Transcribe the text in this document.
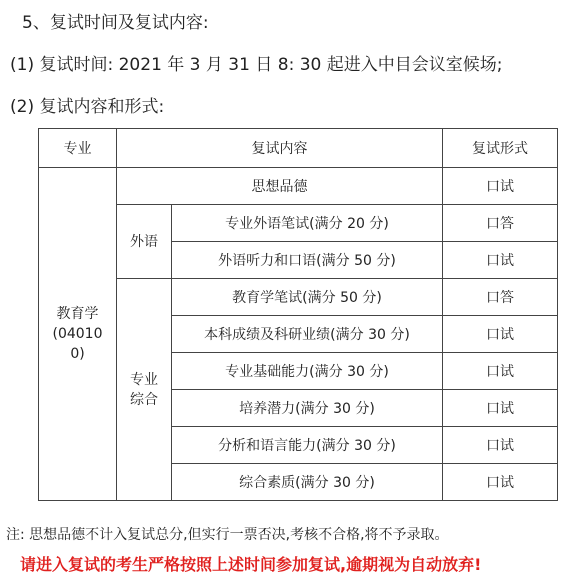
5、复试时间及复试内容:
(1) 复试时间: 2021 年 3 月 31 日 8: 30 起进入中目会议室候场;
(2) 复试内容和形式:
专业	复试内容		复试形式
教育学
(04010
0)	思想品德		口试
	外语	专业外语笔试(满分 20 分)	口答
		外语听力和口语(满分 50 分)	口试
	专业
综合	教育学笔试(满分 50 分)	口答
		本科成绩及科研业绩(满分 30 分)	口试
		专业基础能力(满分 30 分)	口试
		培养潜力(满分 30 分)	口试
		分析和语言能力(满分 30 分)	口试
		综合素质(满分 30 分)	口试
注: 思想品德不计入复试总分,但实行一票否决,考核不合格,将不予录取。
请进入复试的考生严格按照上述时间参加复试,逾期视为自动放弃!
